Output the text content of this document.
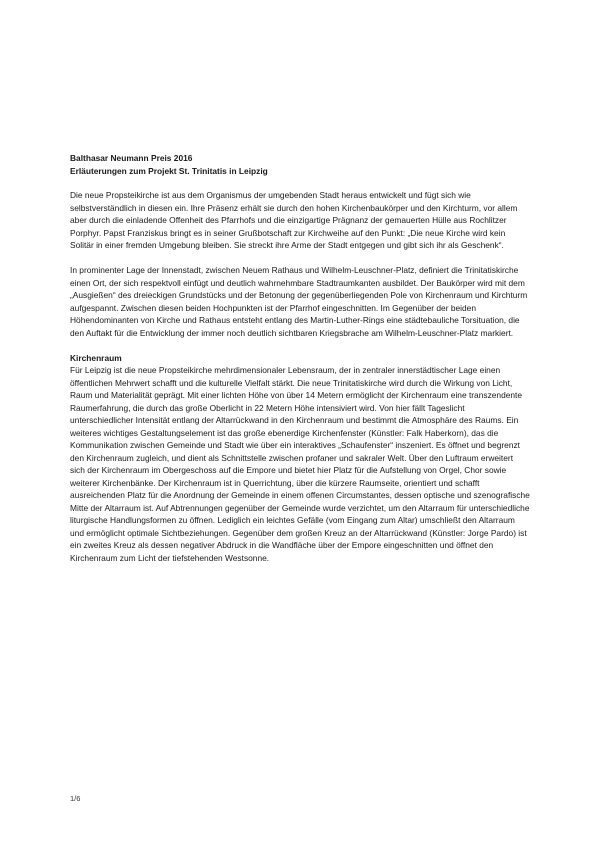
Balthasar Neumann Preis 2016
Erläuterungen zum Projekt St. Trinitatis in Leipzig

Die neue Propsteikirche ist aus dem Organismus der umgebenden Stadt heraus entwickelt und fügt sich wie selbstverständlich in diesen ein. Ihre Präsenz erhält sie durch den hohen Kirchenbaukörper und den Kirchturm, vor allem aber durch die einladende Offenheit des Pfarrhofs und die einzigartige Prägnanz der gemauerten Hülle aus Rochlitzer Porphyr. Papst Franziskus bringt es in seiner Grußbotschaft zur Kirchweihe auf den Punkt: „Die neue Kirche wird kein Solitär in einer fremden Umgebung bleiben. Sie streckt ihre Arme der Stadt entgegen und gibt sich ihr als Geschenk“.

In prominenter Lage der Innenstadt, zwischen Neuem Rathaus und Wilhelm-Leuschner-Platz, definiert die Trinitatiskirche einen Ort, der sich respektvoll einfügt und deutlich wahrnehmbare Stadtraumkanten ausbildet. Der Baukörper wird mit dem „Ausgießen“ des dreieckigen Grundstücks und der Betonung der gegenüberliegenden Pole von Kirchenraum und Kirchturm aufgespannt. Zwischen diesen beiden Hochpunkten ist der Pfarrhof eingeschnitten. Im Gegenüber der beiden Höhendominanten von Kirche und Rathaus entsteht entlang des Martin-Luther-Rings eine städtebauliche Torsituation, die den Auftakt für die Entwicklung der immer noch deutlich sichtbaren Kriegsbrache am Wilhelm-Leuschner-Platz markiert.

Kirchenraum

Für Leipzig ist die neue Propsteikirche mehrdimensionaler Lebensraum, der in zentraler innerstädtischer Lage einen öffentlichen Mehrwert schafft und die kulturelle Vielfalt stärkt. Die neue Trinitatiskirche wird durch die Wirkung von Licht, Raum und Materialität geprägt. Mit einer lichten Höhe von über 14 Metern ermöglicht der Kirchenraum eine transzendente Raumerfahrung, die durch das große Oberlicht in 22 Metern Höhe intensiviert wird. Von hier fällt Tageslicht unterschiedlicher Intensität entlang der Altarrückwand in den Kirchenraum und bestimmt die Atmosphäre des Raums. Ein weiteres wichtiges Gestaltungselement ist das große ebenerdige Kirchenfenster (Künstler: Falk Haberkorn), das die Kommunikation zwischen Gemeinde und Stadt wie über ein interaktives „Schaufenster“ inszeniert. Es öffnet und begrenzt den Kirchenraum zugleich, und dient als Schnittstelle zwischen profaner und sakraler Welt. Über den Luftraum erweitert sich der Kirchenraum im Obergeschoss auf die Empore und bietet hier Platz für die Aufstellung von Orgel, Chor sowie weiterer Kirchenbänke. Der Kirchenraum ist in Querrichtung, über die kürzere Raumseite, orientiert und schafft ausreichenden Platz für die Anordnung der Gemeinde in einem offenen Circumstantes, dessen optische und szenografische Mitte der Altarraum ist. Auf Abtrennungen gegenüber der Gemeinde wurde verzichtet, um den Altarraum für unterschiedliche liturgische Handlungsformen zu öffnen. Lediglich ein leichtes Gefälle (vom Eingang zum Altar) umschließt den Altarraum und ermöglicht optimale Sichtbeziehungen. Gegenüber dem großen Kreuz an der Altarrückwand (Künstler: Jorge Pardo) ist ein zweites Kreuz als dessen negativer Abdruck in die Wandfläche über der Empore eingeschnitten und öffnet den Kirchenraum zum Licht der tiefstehenden Westsonne.

1/6
